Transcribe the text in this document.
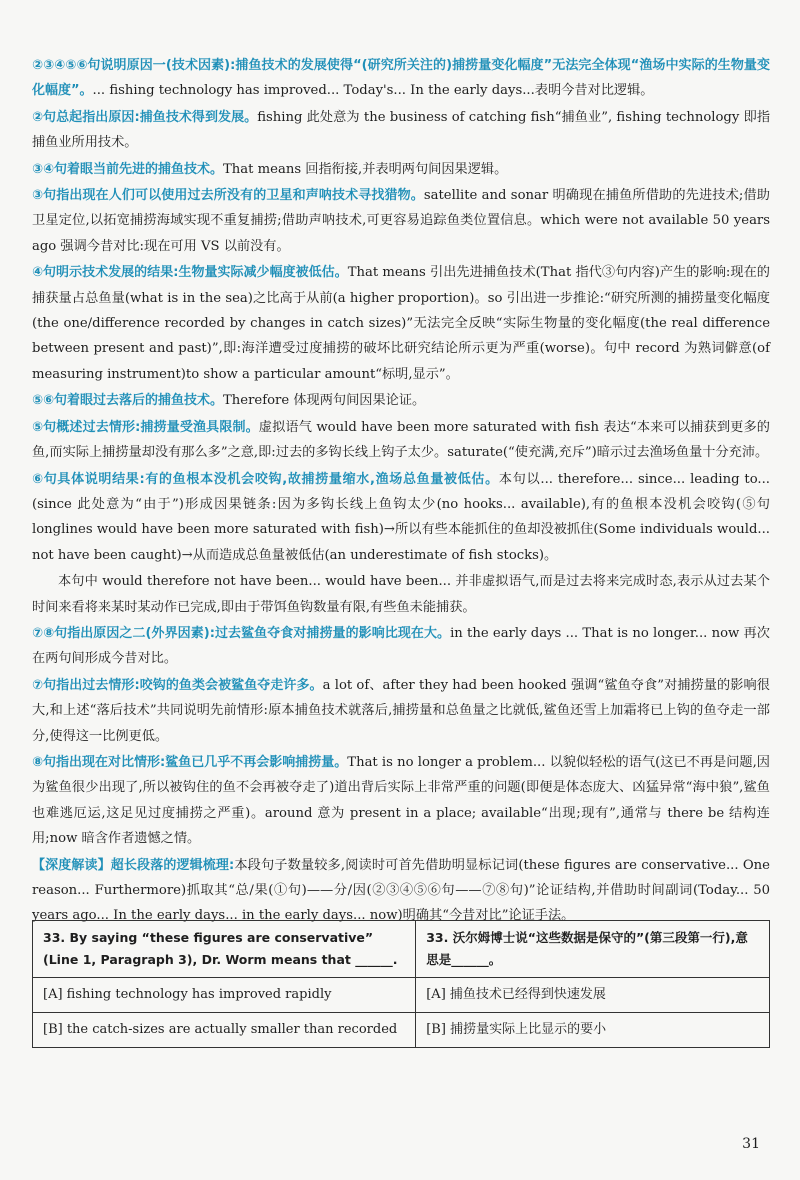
②③④⑤⑥句说明原因一(技术因素):捕鱼技术的发展使得“(研究所关注的)捕捞量变化幅度”无法完全体现“渔场中实际的生物量变化幅度”。... fishing technology has improved... Today's... In the early days...表明今昔对比逻辑。

②句总起指出原因:捕鱼技术得到发展。fishing 此处意为 the business of catching fish“捕鱼业”, fishing technology 即指捕鱼业所用技术。

③④句着眼当前先进的捕鱼技术。That means 回指衔接,并表明两句间因果逻辑。

③句指出现在人们可以使用过去所没有的卫星和声呐技术寻找猎物。satellite and sonar 明确现在捕鱼所借助的先进技术;借助卫星定位,以拓宽捕捞海域实现不重复捕捞;借助声呐技术,可更容易追踪鱼类位置信息。which were not available 50 years ago 强调今昔对比:现在可用 VS 以前没有。

④句明示技术发展的结果:生物量实际减少幅度被低估。That means 引出先进捕鱼技术(That 指代③句内容)产生的影响:现在的捕获量占总鱼量(what is in the sea)之比高于从前(a higher proportion)。so 引出进一步推论:“研究所测的捕捞量变化幅度(the one/difference recorded by changes in catch sizes)”无法完全反映“实际生物量的变化幅度(the real difference between present and past)”,即:海洋遭受过度捕捞的破坏比研究结论所示更为严重(worse)。句中 record 为熟词僻意(of measuring instrument)to show a particular amount“标明,显示”。

⑤⑥句着眼过去落后的捕鱼技术。Therefore 体现两句间因果论证。

⑤句概述过去情形:捕捞量受渔具限制。虚拟语气 would have been more saturated with fish 表达“本来可以捕获到更多的鱼,而实际上捕捞量却没有那么多”之意,即:过去的多钩长线上钩子太少。saturate(“使充满,充斥”)暗示过去渔场鱼量十分充沛。

⑥句具体说明结果:有的鱼根本没机会咬钩,故捕捞量缩水,渔场总鱼量被低估。本句以... therefore... since... leading to...(since 此处意为“由于”)形成因果链条:因为多钩长线上鱼钩太少(no hooks... available),有的鱼根本没机会咬钩(⑤句 longlines would have been more saturated with fish)→所以有些本能抓住的鱼却没被抓住(Some individuals would... not have been caught)→从而造成总鱼量被低估(an underestimate of fish stocks)。

本句中 would therefore not have been... would have been... 并非虚拟语气,而是过去将来完成时态,表示从过去某个时间来看将来某时某动作已完成,即由于带饵鱼钩数量有限,有些鱼未能捕获。

⑦⑧句指出原因之二(外界因素):过去鲨鱼夺食对捕捞量的影响比现在大。in the early days ... That is no longer... now 再次在两句间形成今昔对比。

⑦句指出过去情形:咬钩的鱼类会被鲨鱼夺走许多。a lot of、after they had been hooked 强调“鲨鱼夺食”对捕捞量的影响很大,和上述“落后技术”共同说明先前情形:原本捕鱼技术就落后,捕捞量和总鱼量之比就低,鲨鱼还雪上加霜将已上钩的鱼夺走一部分,使得这一比例更低。

⑧句指出现在对比情形:鲨鱼已几乎不再会影响捕捞量。That is no longer a problem... 以貌似轻松的语气(这已不再是问题,因为鲨鱼很少出现了,所以被钩住的鱼不会再被夺走了)道出背后实际上非常严重的问题(即便是体态庞大、凶猛异常“海中狼”,鲨鱼也难逃厄运,这足见过度捕捞之严重)。around 意为 present in a place; available“出现;现有”,通常与 there be 结构连用;now 暗含作者遗憾之情。

【深度解读】超长段落的逻辑梳理:本段句子数量较多,阅读时可首先借助明显标记词(these figures are conservative... One reason... Furthermore)抓取其“总/果(①句)——分/因(②③④⑤⑥句——⑦⑧句)”论证结构,并借助时间副词(Today... 50 years ago... In the early days... in the early days... now)明确其“今昔对比”论证手法。

33. By saying “these figures are conservative” (Line 1, Paragraph 3), Dr. Worm means that ______.	33. 沃尔姆博士说“这些数据是保守的”(第三段第一行),意思是______。
[A] fishing technology has improved rapidly	[A] 捕鱼技术已经得到快速发展
[B] the catch-sizes are actually smaller than recorded	[B] 捕捞量实际上比显示的要小
31
